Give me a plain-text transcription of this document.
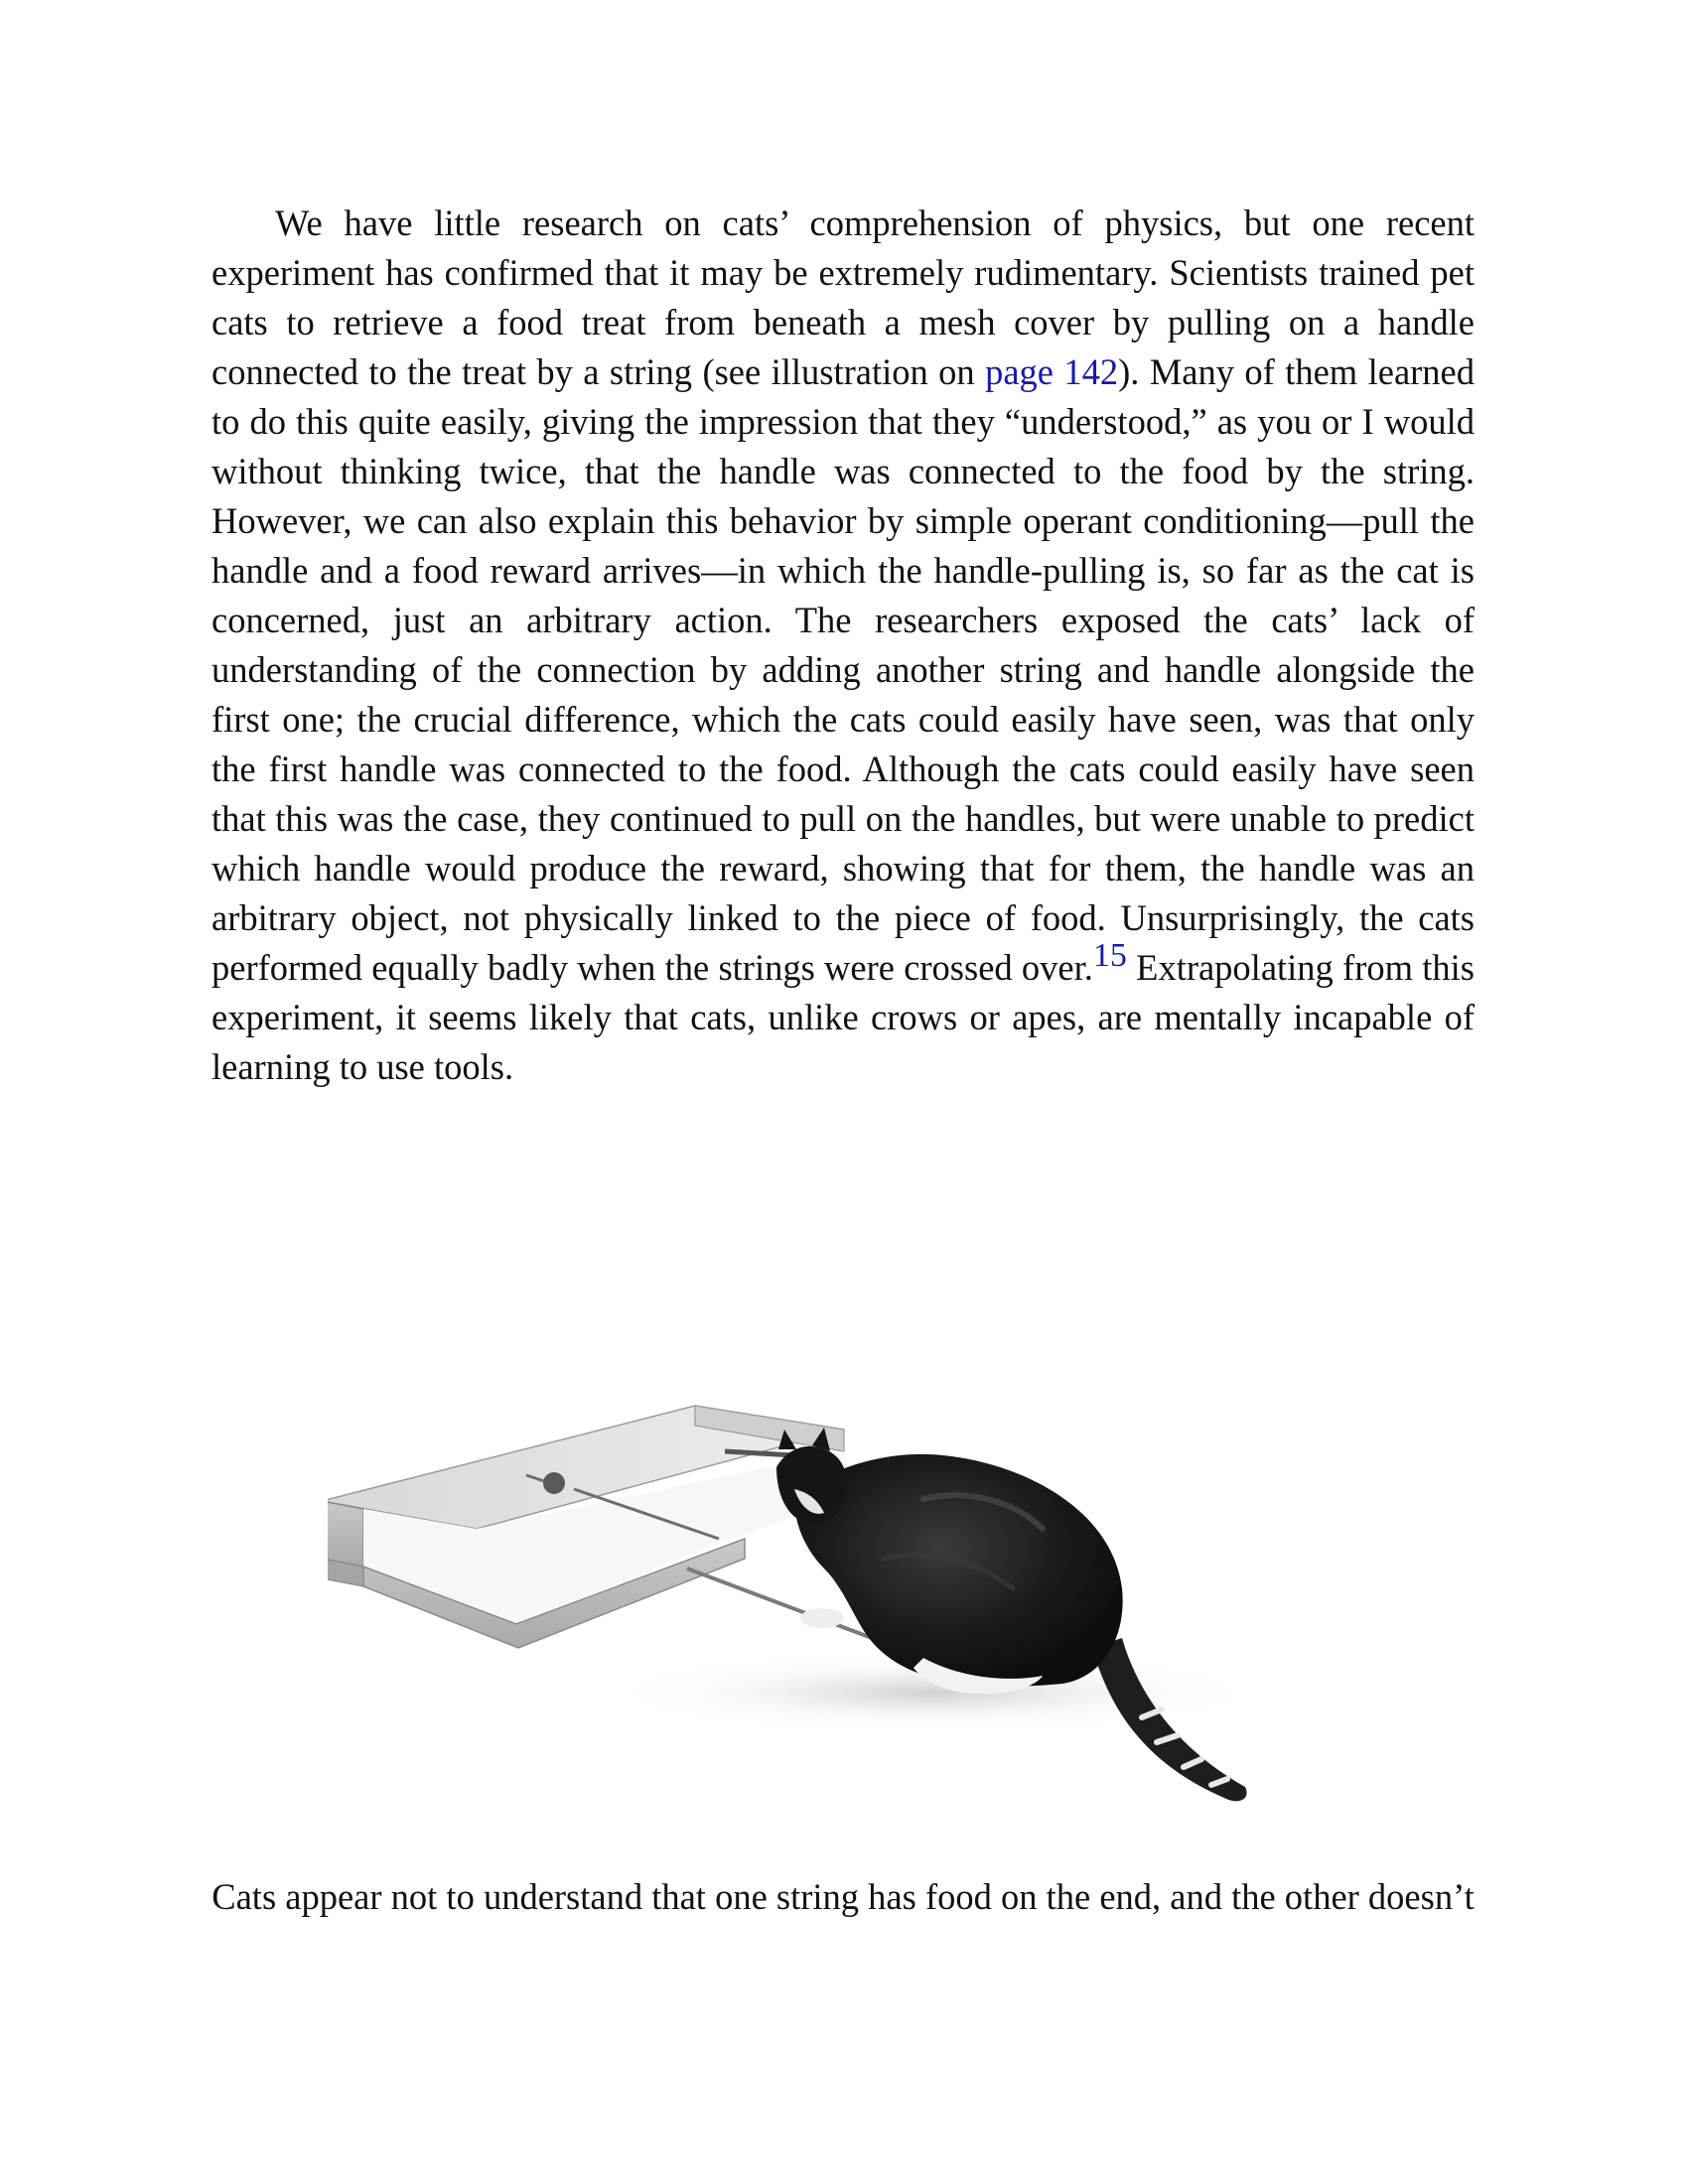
We have little research on cats’ comprehension of physics, but one recent experiment has confirmed that it may be extremely rudimentary. Scientists trained pet cats to retrieve a food treat from beneath a mesh cover by pulling on a handle connected to the treat by a string (see illustration on page 142). Many of them learned to do this quite easily, giving the impression that they “understood,” as you or I would without thinking twice, that the handle was connected to the food by the string. However, we can also explain this behavior by simple operant conditioning—pull the handle and a food reward arrives—in which the handle-pulling is, so far as the cat is concerned, just an arbitrary action. The researchers exposed the cats’ lack of understanding of the connection by adding another string and handle alongside the first one; the crucial difference, which the cats could easily have seen, was that only the first handle was connected to the food. Although the cats could easily have seen that this was the case, they continued to pull on the handles, but were unable to predict which handle would produce the reward, showing that for them, the handle was an arbitrary object, not physically linked to the piece of food. Unsurprisingly, the cats performed equally badly when the strings were crossed over.15 Extrapolating from this experiment, it seems likely that cats, unlike crows or apes, are mentally incapable of learning to use tools.

Cats appear not to understand that one string has food on the end, and the other doesn’t
